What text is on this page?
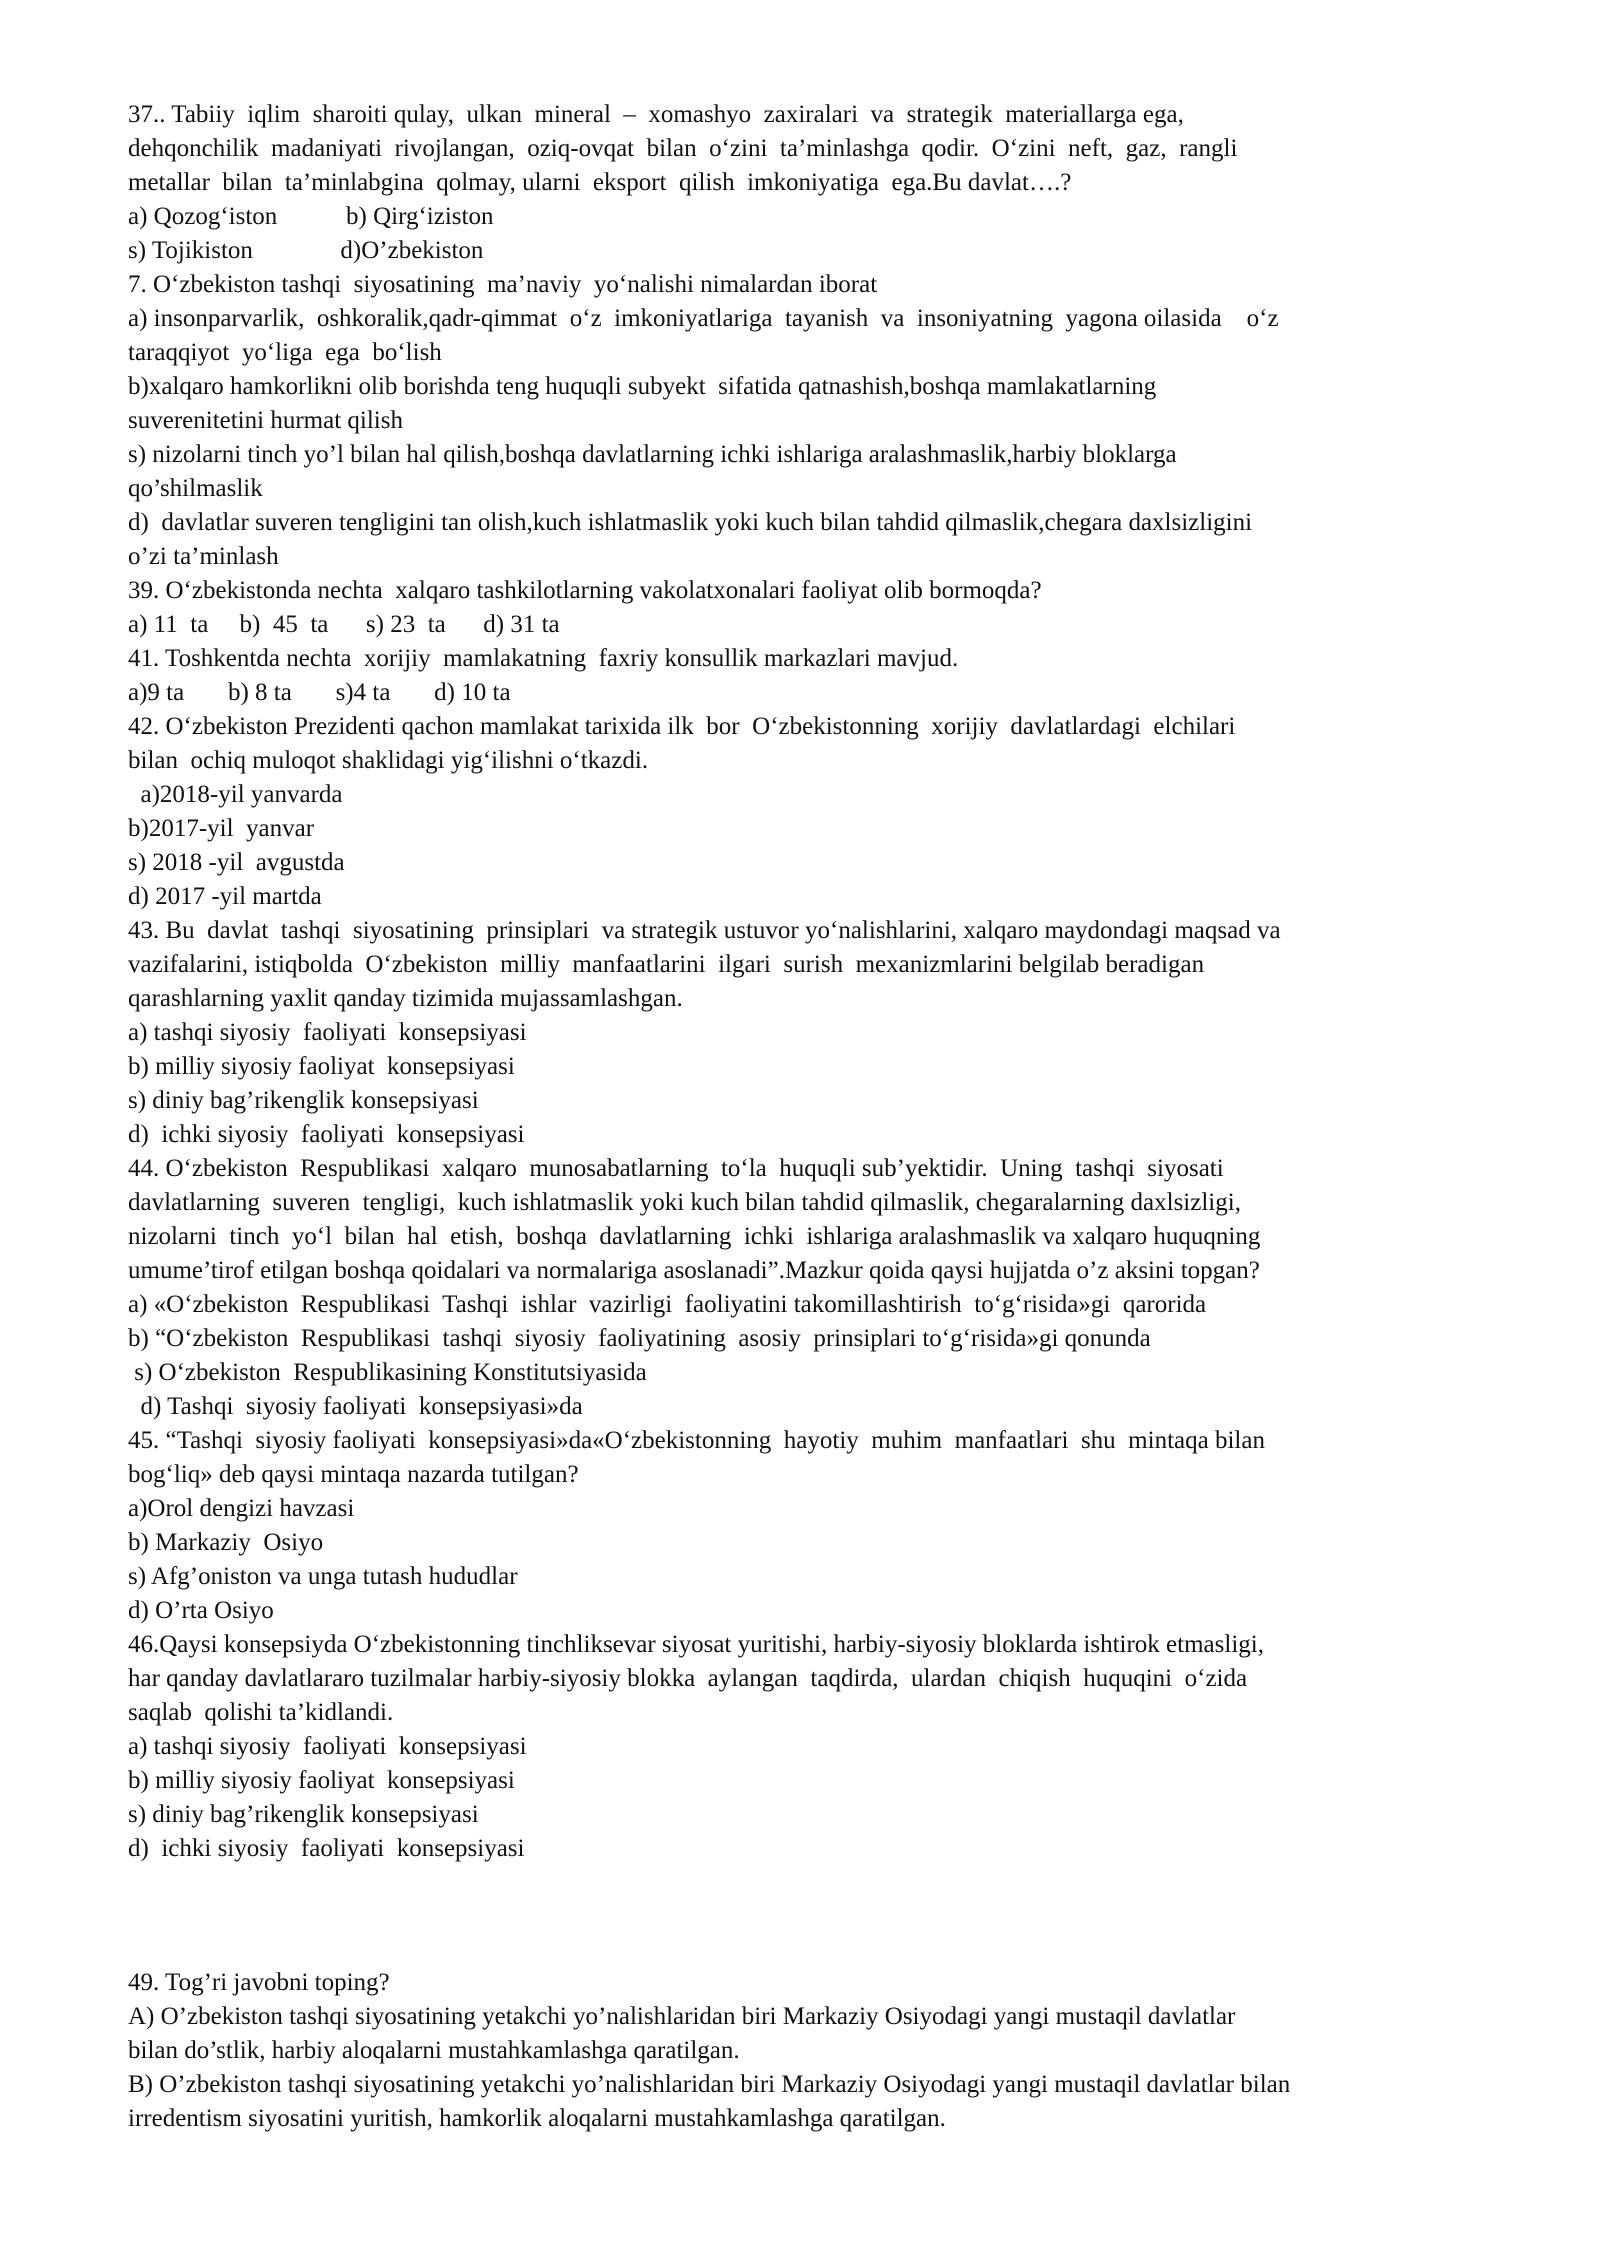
37.. Tabiiy  iqlim  sharoiti qulay,  ulkan  mineral  –  xomashyo  zaxiralari  va  strategik  materiallarga ega,
dehqonchilik  madaniyati  rivojlangan,  oziq-ovqat  bilan  o‘zini  ta’minlashga  qodir.  O‘zini  neft,  gaz,  rangli
metallar  bilan  ta’minlabgina  qolmay, ularni  eksport  qilish  imkoniyatiga  ega.Bu davlat….?
a) Qozog‘iston           b) Qirg‘iziston
s) Tojikiston              d)O’zbekiston
7. O‘zbekiston tashqi  siyosatining  ma’naviy  yo‘nalishi nimalardan iborat
a) insonparvarlik,  oshkoralik,qadr-qimmat  o‘z  imkoniyatlariga  tayanish  va  insoniyatning  yagona oilasida    o‘z
taraqqiyot  yo‘liga  ega  bo‘lish
b)xalqaro hamkorlikni olib borishda teng huquqli subyekt  sifatida qatnashish,boshqa mamlakatlarning
suverenitetini hurmat qilish
s) nizolarni tinch yo’l bilan hal qilish,boshqa davlatlarning ichki ishlariga aralashmaslik,harbiy bloklarga
qo’shilmaslik
d)  davlatlar suveren tengligini tan olish,kuch ishlatmaslik yoki kuch bilan tahdid qilmaslik,chegara daxlsizligini
o’zi ta’minlash
39. O‘zbekistonda nechta  xalqaro tashkilotlarning vakolatxonalari faoliyat olib bormoqda?
a) 11  ta     b)  45  ta      s) 23  ta      d) 31 ta
41. Toshkentda nechta  xorijiy  mamlakatning  faxriy konsullik markazlari mavjud.
a)9 ta       b) 8 ta       s)4 ta       d) 10 ta
42. O‘zbekiston Prezidenti qachon mamlakat tarixida ilk  bor  O‘zbekistonning  xorijiy  davlatlardagi  elchilari
bilan  ochiq muloqot shaklidagi yig‘ilishni o‘tkazdi.
a)2018-yil yanvarda
b)2017-yil  yanvar
s) 2018 -yil  avgustda
d) 2017 -yil martda
43. Bu  davlat  tashqi  siyosatining  prinsiplari  va strategik ustuvor yo‘nalishlarini, xalqaro maydondagi maqsad va
vazifalarini, istiqbolda  O‘zbekiston  milliy  manfaatlarini  ilgari  surish  mexanizmlarini belgilab beradigan
qarashlarning yaxlit qanday tizimida mujassamlashgan.
a) tashqi siyosiy  faoliyati  konsepsiyasi
b) milliy siyosiy faoliyat  konsepsiyasi
s) diniy bag’rikenglik konsepsiyasi
d)  ichki siyosiy  faoliyati  konsepsiyasi
44. O‘zbekiston  Respublikasi  xalqaro  munosabatlarning  to‘la  huquqli sub’yektidir.  Uning  tashqi  siyosati
davlatlarning  suveren  tengligi,  kuch ishlatmaslik yoki kuch bilan tahdid qilmaslik, chegaralarning daxlsizligi,
nizolarni  tinch  yo‘l  bilan  hal  etish,  boshqa  davlatlarning  ichki  ishlariga aralashmaslik va xalqaro huquqning
umume’tirof etilgan boshqa qoidalari va normalariga asoslanadi”.Mazkur qoida qaysi hujjatda o’z aksini topgan?
a) «O‘zbekiston  Respublikasi  Tashqi  ishlar  vazirligi  faoliyatini takomillashtirish  to‘g‘risida»gi  qarorida
b) “O‘zbekiston  Respublikasi  tashqi  siyosiy  faoliyatining  asosiy  prinsiplari to‘g‘risida»gi qonunda
s) O‘zbekiston  Respublikasining Konstitutsiyasida
d) Tashqi  siyosiy faoliyati  konsepsiyasi»da
45. “Tashqi  siyosiy faoliyati  konsepsiyasi»da«O‘zbekistonning  hayotiy  muhim  manfaatlari  shu  mintaqa bilan
bog‘liq» deb qaysi mintaqa nazarda tutilgan?
a)Orol dengizi havzasi
b) Markaziy  Osiyo
s) Afg’oniston va unga tutash hududlar
d) O’rta Osiyo
46.Qaysi konsepsiyda O‘zbekistonning tinchliksevar siyosat yuritishi, harbiy-siyosiy bloklarda ishtirok etmasligi,
har qanday davlatlararo tuzilmalar harbiy-siyosiy blokka  aylangan  taqdirda,  ulardan  chiqish  huquqini  o‘zida
saqlab  qolishi ta’kidlandi.
a) tashqi siyosiy  faoliyati  konsepsiyasi
b) milliy siyosiy faoliyat  konsepsiyasi
s) diniy bag’rikenglik konsepsiyasi
d)  ichki siyosiy  faoliyati  konsepsiyasi
49. Tog’ri javobni toping?
A) O’zbekiston tashqi siyosatining yetakchi yo’nalishlaridan biri Markaziy Osiyodagi yangi mustaqil davlatlar
bilan do’stlik, harbiy aloqalarni mustahkamlashga qaratilgan.
B) O’zbekiston tashqi siyosatining yetakchi yo’nalishlaridan biri Markaziy Osiyodagi yangi mustaqil davlatlar bilan
irredentism siyosatini yuritish, hamkorlik aloqalarni mustahkamlashga qaratilgan.
